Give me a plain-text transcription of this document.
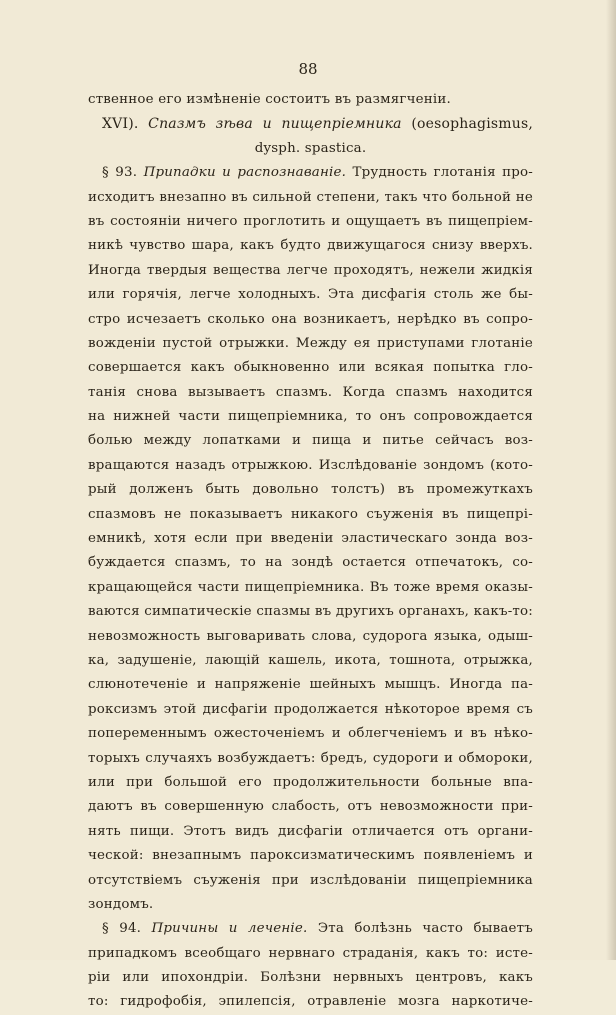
88
ственное его измѣненіе состоитъ въ размягченіи.
XVI). Спазмъ зѣва и пищепріемника (oesophagismus,
dysph. spastica.
§ 93. Припадки и распознаваніе. Трудность глотанія про-
исходитъ внезапно въ сильной степени, такъ что больной не
въ состояніи ничего проглотить и ощущаетъ въ пищепріем-
никѣ чувство шара, какъ будто движущагося снизу вверхъ.
Иногда твердыя вещества легче проходятъ, нежели жидкія
или горячія, легче холодныхъ. Эта дисфагія столь же бы-
стро исчезаетъ сколько она возникаетъ, нерѣдко въ сопро-
вожденіи пустой отрыжки. Между ея приступами глотаніе
совершается какъ обыкновенно или всякая попытка гло-
танія снова вызываетъ спазмъ. Когда спазмъ находится
на нижней части пищепріемника, то онъ сопровождается
болью между лопатками и пища и питье сейчасъ воз-
вращаются назадъ отрыжкою. Изслѣдованіе зондомъ (кото-
рый долженъ быть довольно толстъ) въ промежуткахъ
спазмовъ не показываетъ никакого съуженія въ пищепрі-
емникѣ, хотя если при введеніи эластическаго зонда воз-
буждается спазмъ, то на зондѣ остается отпечатокъ, со-
кращающейся части пищепріемника. Въ тоже время оказы-
ваются симпатическіе спазмы въ другихъ органахъ, какъ-то:
невозможность выговаривать слова, судорога языка, одыш-
ка, задушеніе, лающій кашель, икота, тошнота, отрыжка,
слюнотеченіе и напряженіе шейныхъ мышцъ. Иногда па-
роксизмъ этой дисфагіи продолжается нѣкоторое время съ
попеременнымъ ожесточеніемъ и облегченіемъ и въ нѣко-
торыхъ случаяхъ возбуждаетъ: бредъ, судороги и обмороки,
или при большой его продолжительности больные впа-
даютъ въ совершенную слабость, отъ невозможности при-
нять пищи. Этотъ видъ дисфагіи отличается отъ органи-
ческой: внезапнымъ пароксизматическимъ появленіемъ и
отсутствіемъ съуженія при изслѣдованіи пищепріемника
зондомъ.
§ 94. Причины и леченіе. Эта болѣзнь часто бываетъ
припадкомъ всеобщаго нервнаго страданія, какъ то: исте-
ріи или ипохондріи. Болѣзни нервныхъ центровъ, какъ
то: гидрофобія, эпилепсія, отравленіе мозга наркотиче-
